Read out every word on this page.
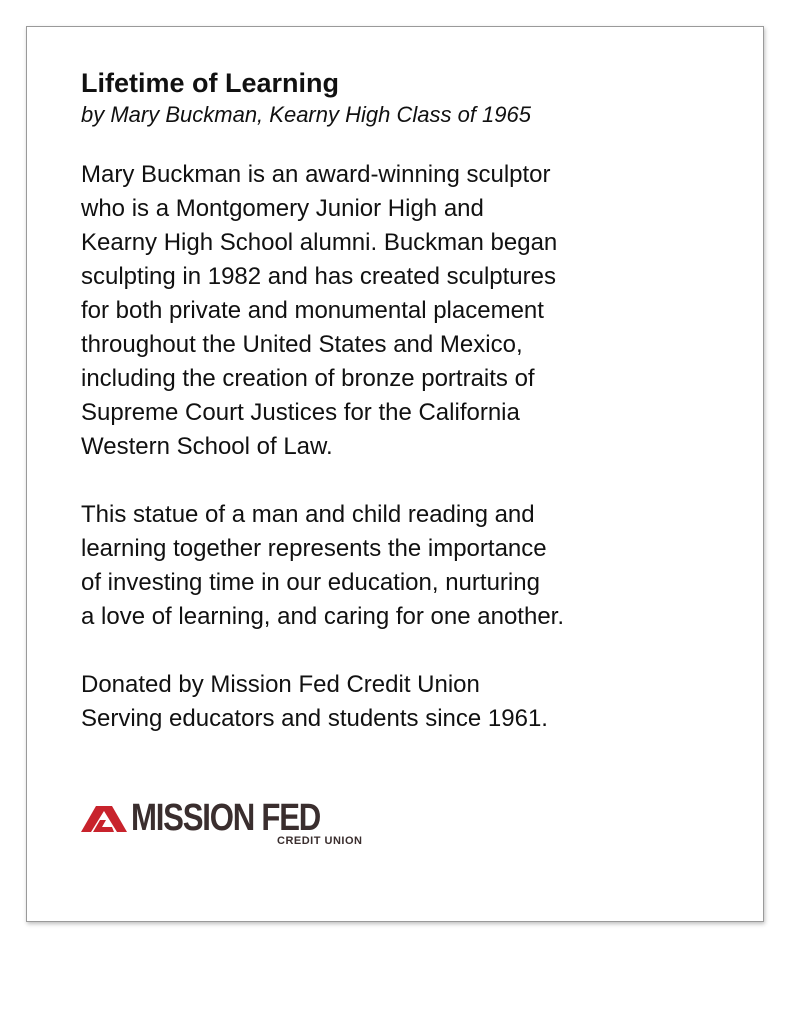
Lifetime of Learning

by Mary Buckman, Kearny High Class of 1965

Mary Buckman is an award-winning sculptor
who is a Montgomery Junior High and
Kearny High School alumni. Buckman began
sculpting in 1982 and has created sculptures
for both private and monumental placement
throughout the United States and Mexico,
including the creation of bronze portraits of
Supreme Court Justices for the California
Western School of Law.

This statue of a man and child reading and
learning together represents the importance
of investing time in our education, nurturing
a love of learning, and caring for one another.

Donated by Mission Fed Credit Union
Serving educators and students since 1961.

MISSION FED
CREDIT UNION
